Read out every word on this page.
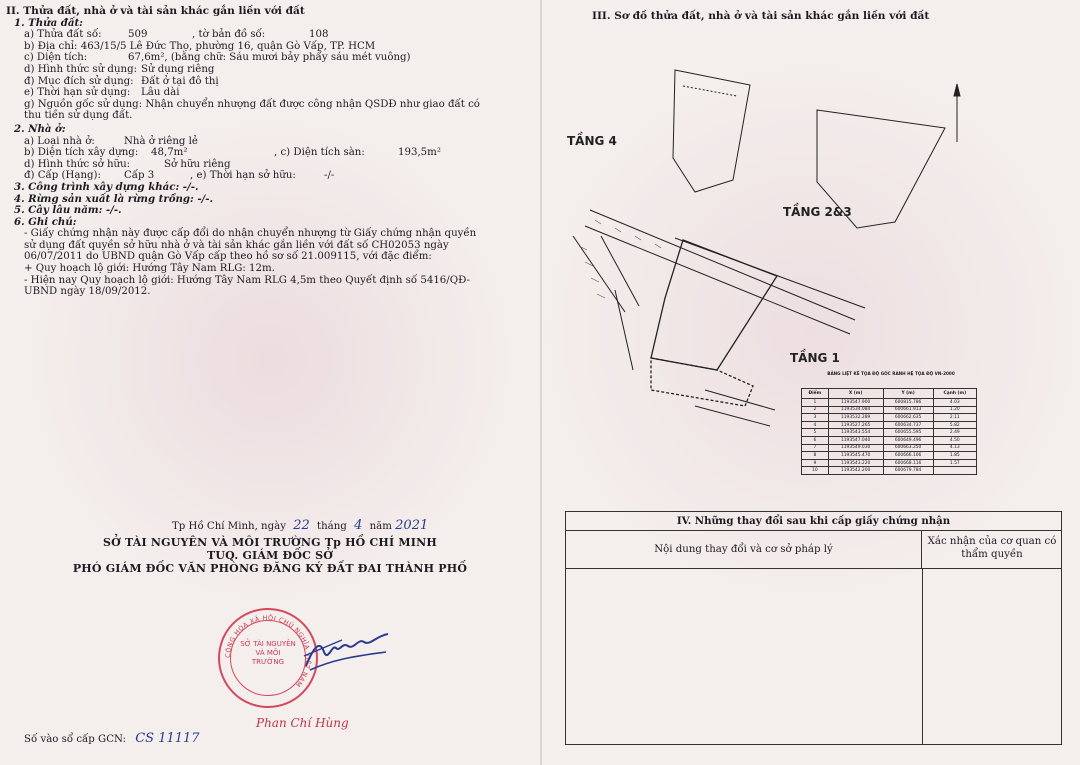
II. Thửa đất, nhà ở và tài sản khác gắn liền với đất
1. Thửa đất:
a) Thửa đất số:	509	, tờ bản đồ số:	108
b) Địa chỉ: 463/15/5 Lê Đức Thọ, phường 16, quận Gò Vấp, TP. HCM
c) Diện tích:	67,6m², (bằng chữ: Sáu mươi bảy phẩy sáu mét vuông)
d) Hình thức sử dụng: Sử dụng riêng
đ) Mục đích sử dụng: Đất ở tại đô thị
e) Thời hạn sử dụng: Lâu dài
g) Nguồn gốc sử dụng: Nhận chuyển nhượng đất được công nhận QSDĐ như giao đất có thu tiền sử dụng đất.
2. Nhà ở:
a) Loại nhà ở:	Nhà ở riêng lẻ
b) Diện tích xây dựng: 48,7m²	, c) Diện tích sàn:	193,5m²
d) Hình thức sở hữu:	Sở hữu riêng
đ) Cấp (Hạng): Cấp 3	, e) Thời hạn sở hữu:	-/-
3. Công trình xây dựng khác: -/-.
4. Rừng sản xuất là rừng trồng: -/-.
5. Cây lâu năm: -/-.
6. Ghi chú:
- Giấy chứng nhận này được cấp đổi do nhận chuyển nhượng từ Giấy chứng nhận quyền sử dụng đất quyền sở hữu nhà ở và tài sản khác gắn liền với đất số CH02053 ngày 06/07/2011 do UBND quận Gò Vấp cấp theo hồ sơ số 21.009115, với đặc điểm:
+ Quy hoạch lộ giới: Hướng Tây Nam RLG: 12m.
- Hiện nay Quy hoạch lộ giới: Hướng Tây Nam RLG 4,5m theo Quyết định số 5416/QĐ-UBND ngày 18/09/2012.
Tp Hồ Chí Minh, ngày 22 tháng 4 năm 2021
SỞ TÀI NGUYÊN VÀ MÔI TRƯỜNG Tp HỒ CHÍ MINH
TUQ. GIÁM ĐỐC SỞ
PHÓ GIÁM ĐỐC VĂN PHÒNG ĐĂNG KÝ ĐẤT ĐAI THÀNH PHỐ
CỘNG HÒA XÃ HỘI CHỦ NGHĨA VIỆT NAM
SỞ TÀI NGUYÊN VÀ MÔI TRƯỜNG
Phan Chí Hùng
Số vào sổ cấp GCN: CS 11117
III. Sơ đồ thửa đất, nhà ở và tài sản khác gắn liền với đất
TẦNG 4
TẦNG 2&3
TẦNG 1
BẢNG LIỆT KÊ TỌA ĐỘ GÓC RANH HỆ TỌA ĐỘ VN-2000
Điểm	X (m)	Y (m)	Cạnh (m)
1	1193547.900	600815.786	4.03
2	1193534.084	600661.913	1.20
3	1193532.289	600662.635	2.11
4	1193527.265	600634.737	5.82
5	1193543.554	600655.595	2.49
6	1193547.040	600649.496	4.50
7	1193549.030	600663.250	4.13
8	1193545.470	600666.106	1.85
9	1193543.220	600668.116	1.57
10	1193542.200	600679.784	
IV. Những thay đổi sau khi cấp giấy chứng nhận
Nội dung thay đổi và cơ sở pháp lý
Xác nhận của cơ quan có thẩm quyền
